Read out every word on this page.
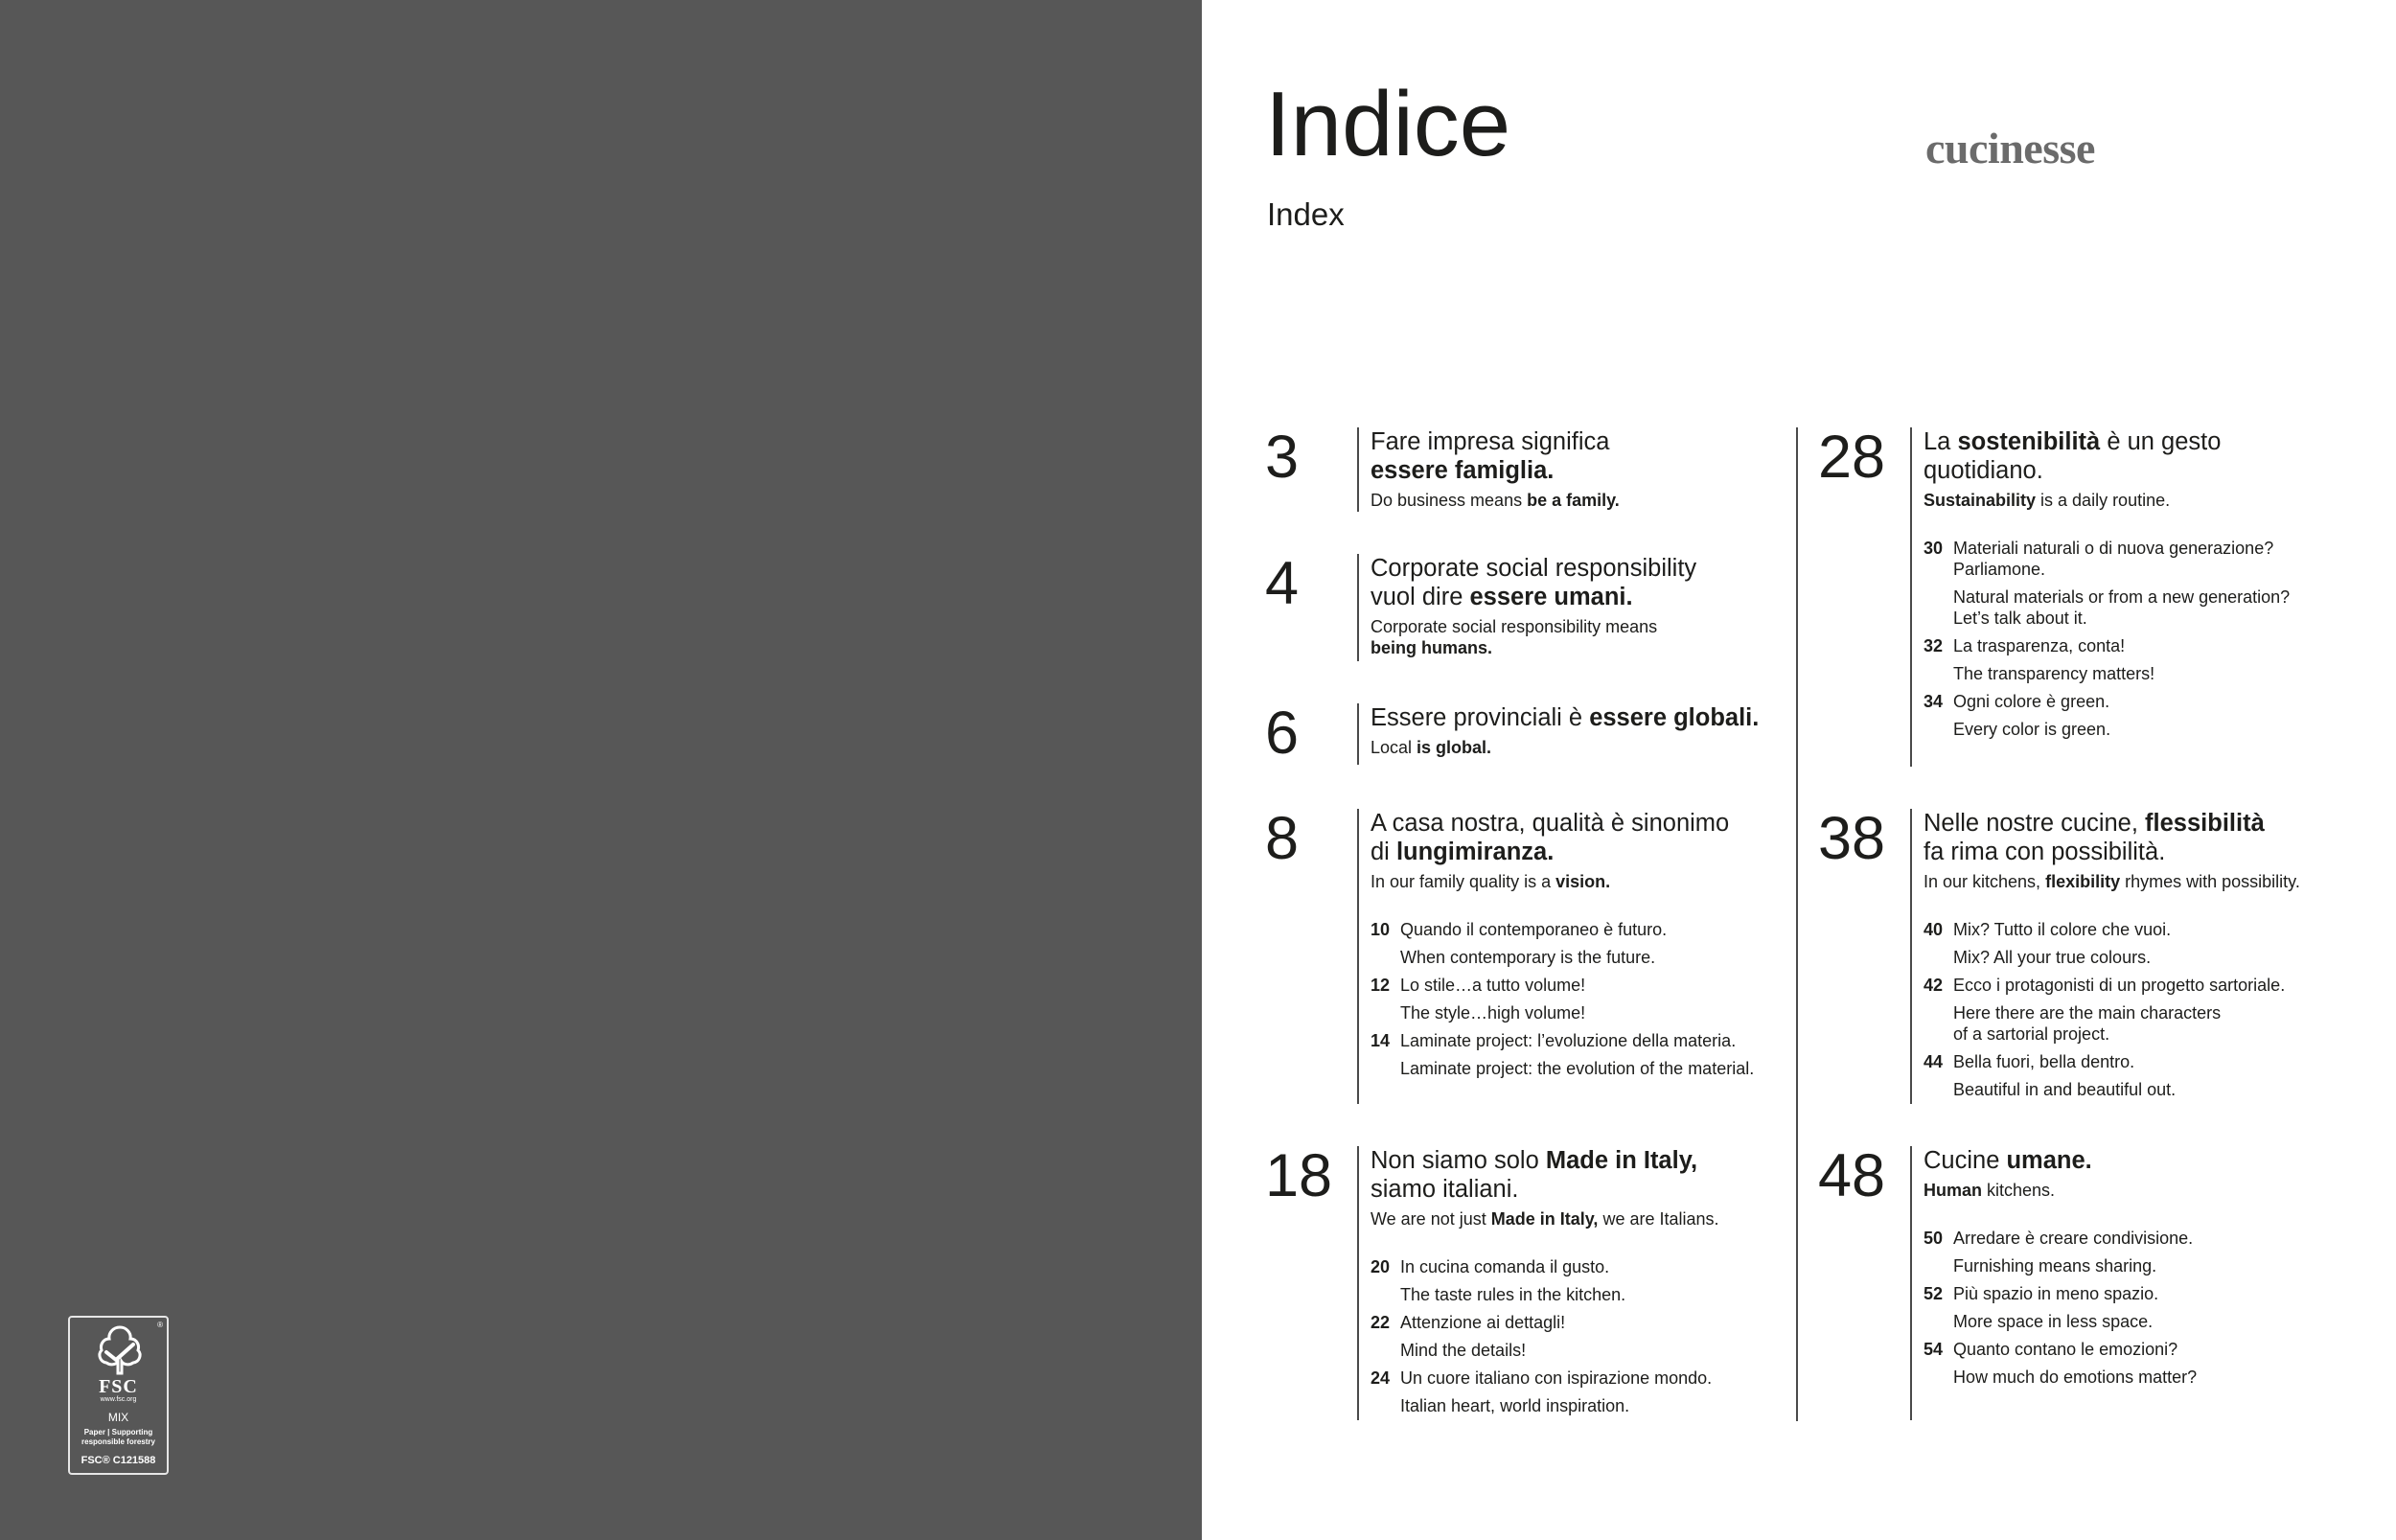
®
FSC
www.fsc.org
MIX
Paper | Supporting responsible forestry
FSC® C121588
Indice
Index
cucinesse
3	Fare impresa significa
essere famiglia.
Do business means be a family.
4	Corporate social responsibility
vuol dire essere umani.
Corporate social responsibility means
being humans.
6	Essere provinciali è essere globali.
Local is global.
8	A casa nostra, qualità è sinonimo
di lungimiranza.
In our family quality is a vision.
10 Quando il contemporaneo è futuro.
When contemporary is the future.
12 Lo stile…a tutto volume!
The style…high volume!
14 Laminate project: l’evoluzione della materia.
Laminate project: the evolution of the material.
18 Non siamo solo Made in Italy,
siamo italiani.
We are not just Made in Italy, we are Italians.
20 In cucina comanda il gusto.
The taste rules in the kitchen.
22 Attenzione ai dettagli!
Mind the details!
24 Un cuore italiano con ispirazione mondo.
Italian heart, world inspiration.
28 La sostenibilità è un gesto
quotidiano.
Sustainability is a daily routine.
30 Materiali naturali o di nuova generazione?
Parliamone.
Natural materials or from a new generation?
Let’s talk about it.
32 La trasparenza, conta!
The transparency matters!
34 Ogni colore è green.
Every color is green.
38 Nelle nostre cucine, flessibilità
fa rima con possibilità.
In our kitchens, flexibility rhymes with possibility.
40 Mix? Tutto il colore che vuoi.
Mix? All your true colours.
42 Ecco i protagonisti di un progetto sartoriale.
Here there are the main characters
of a sartorial project.
44 Bella fuori, bella dentro.
Beautiful in and beautiful out.
48 Cucine umane.
Human kitchens.
50 Arredare è creare condivisione.
Furnishing means sharing.
52 Più spazio in meno spazio.
More space in less space.
54 Quanto contano le emozioni?
How much do emotions matter?
